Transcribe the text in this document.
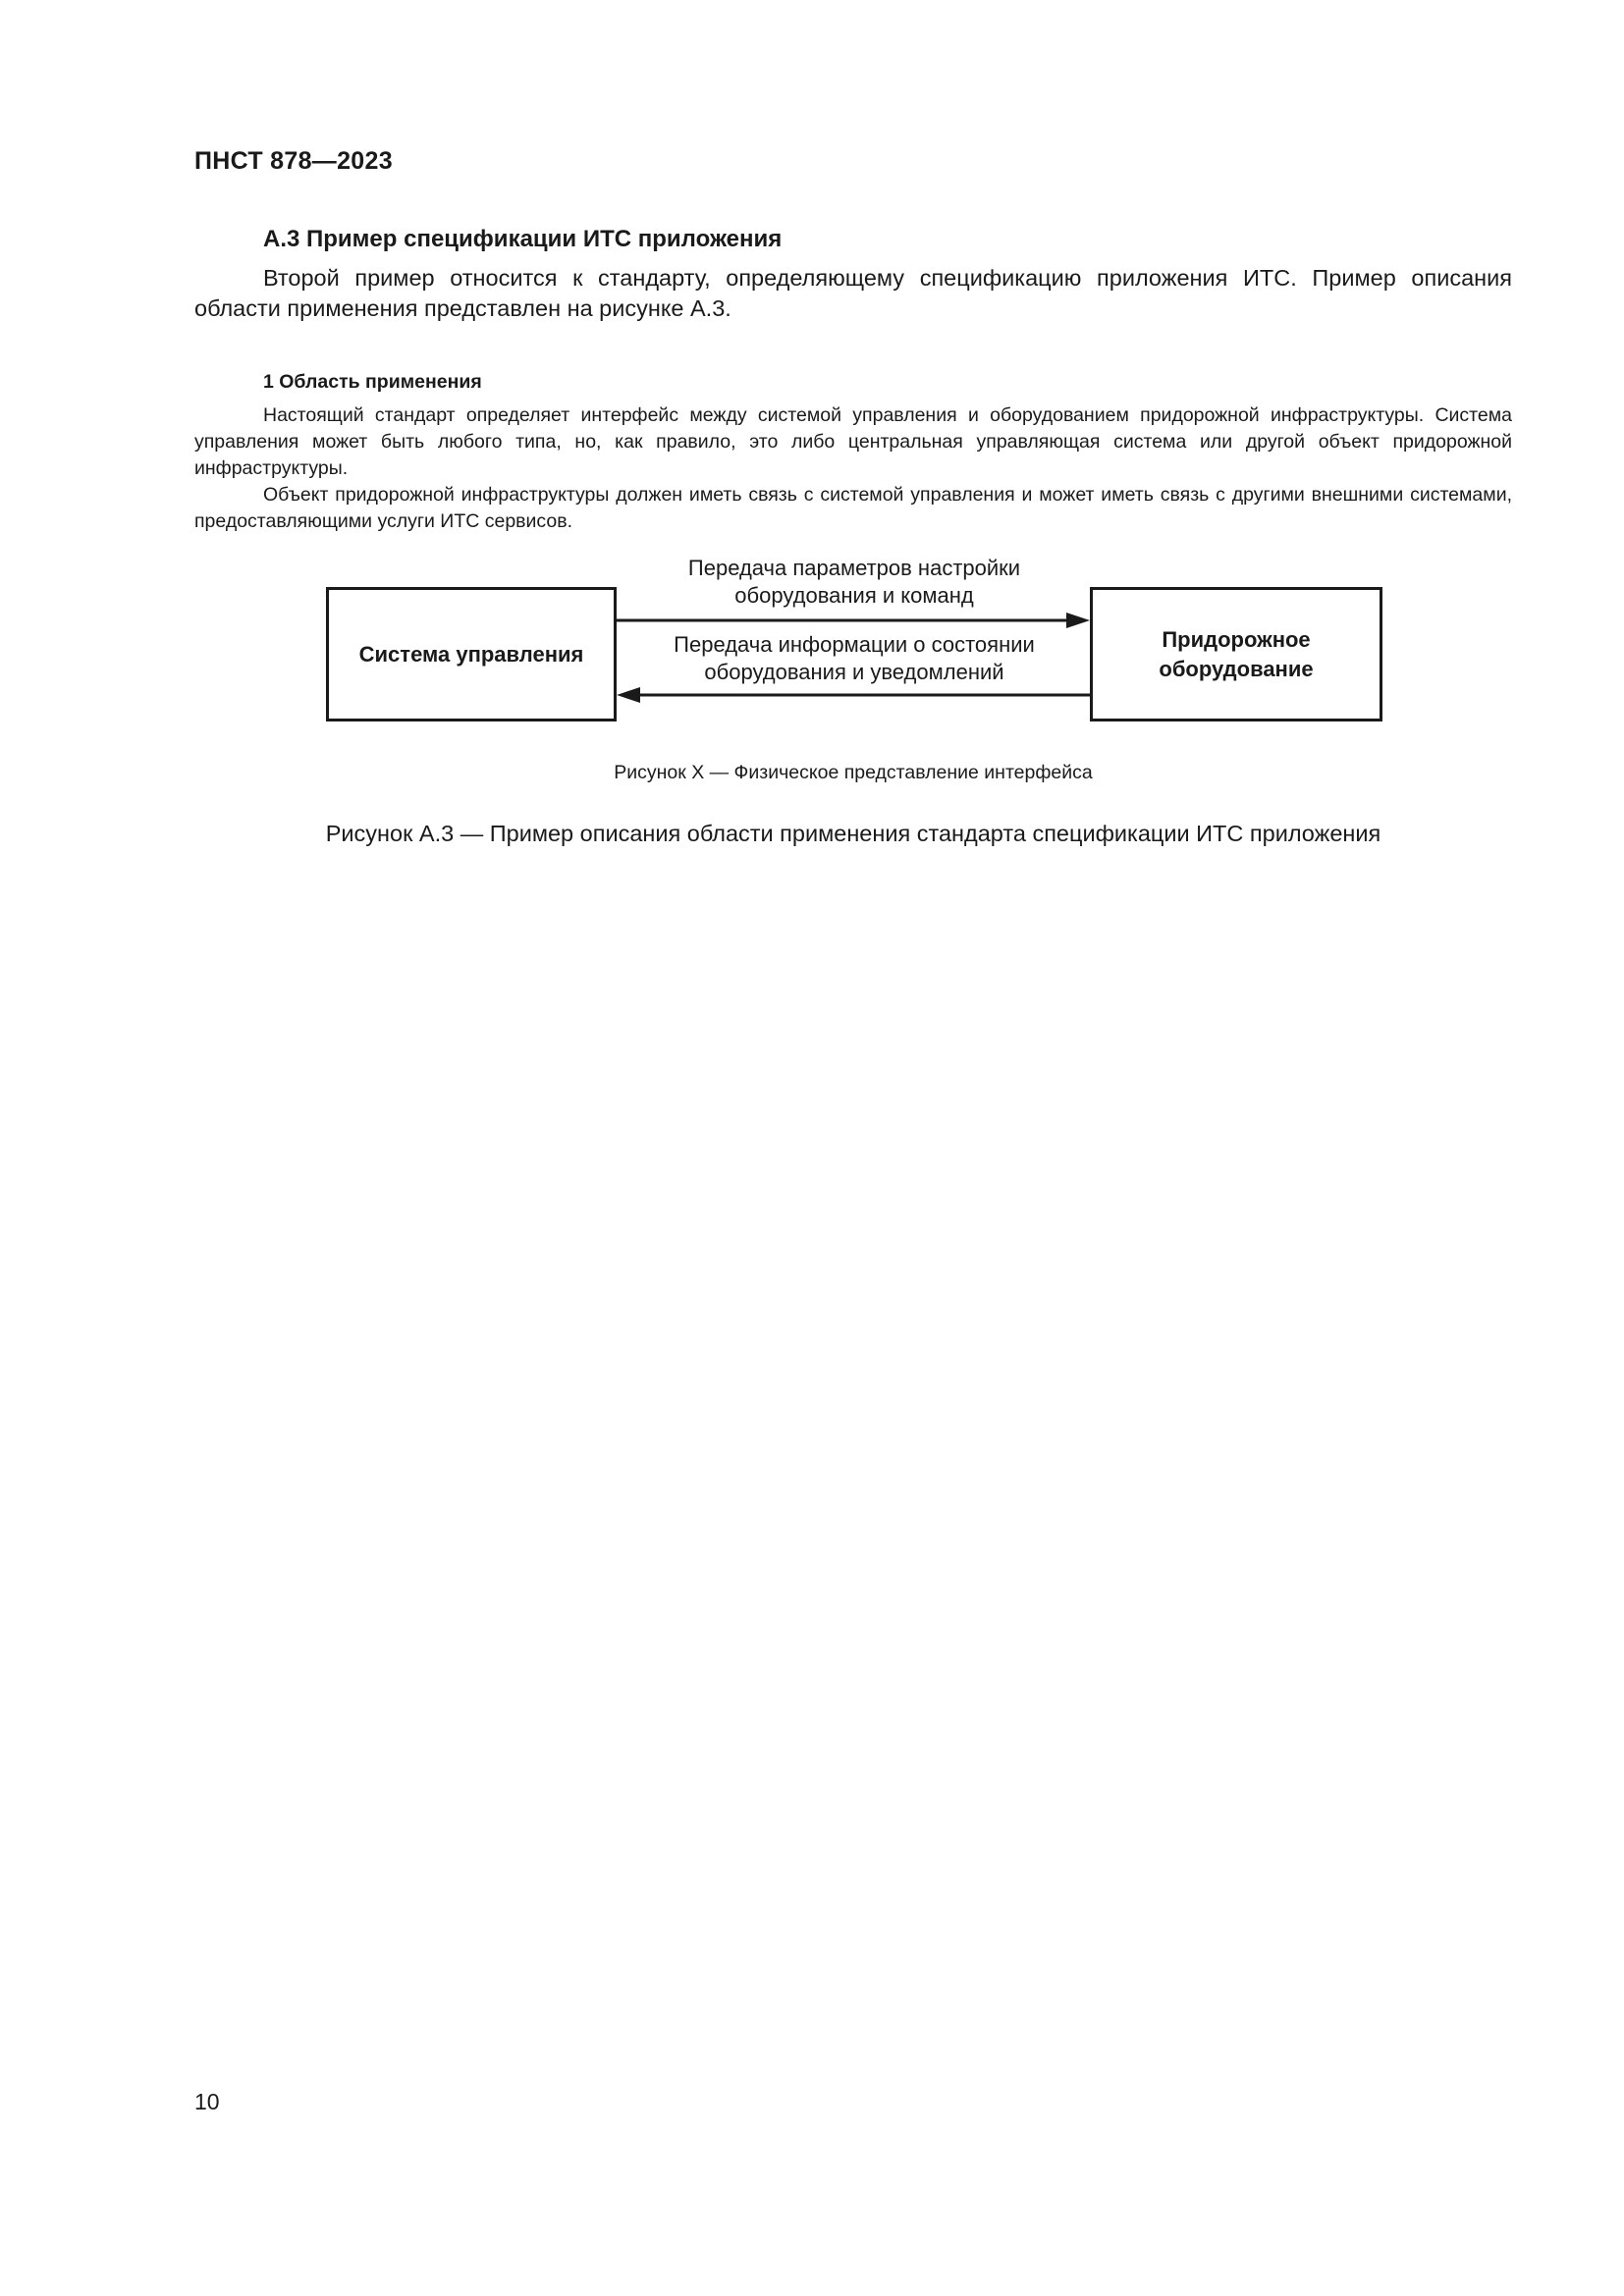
ПНСТ 878—2023
А.3 Пример спецификации ИТС приложения
Второй пример относится к стандарту, определяющему спецификацию приложения ИТС. Пример описания области применения представлен на рисунке А.3.
1 Область применения
Настоящий стандарт определяет интерфейс между системой управления и оборудованием придорожной инфраструктуры. Система управления может быть любого типа, но, как правило, это либо центральная управляющая система или другой объект придорожной инфраструктуры.
Объект придорожной инфраструктуры должен иметь связь с системой управления и может иметь связь с другими внешними системами, предоставляющими услуги ИТС сервисов.
Система управления
Придорожное оборудование
Передача параметров настройки оборудования и команд
Передача информации о состоянии оборудования и уведомлений
Рисунок X — Физическое представление интерфейса
Рисунок А.3 — Пример описания области применения стандарта спецификации ИТС приложения
10
